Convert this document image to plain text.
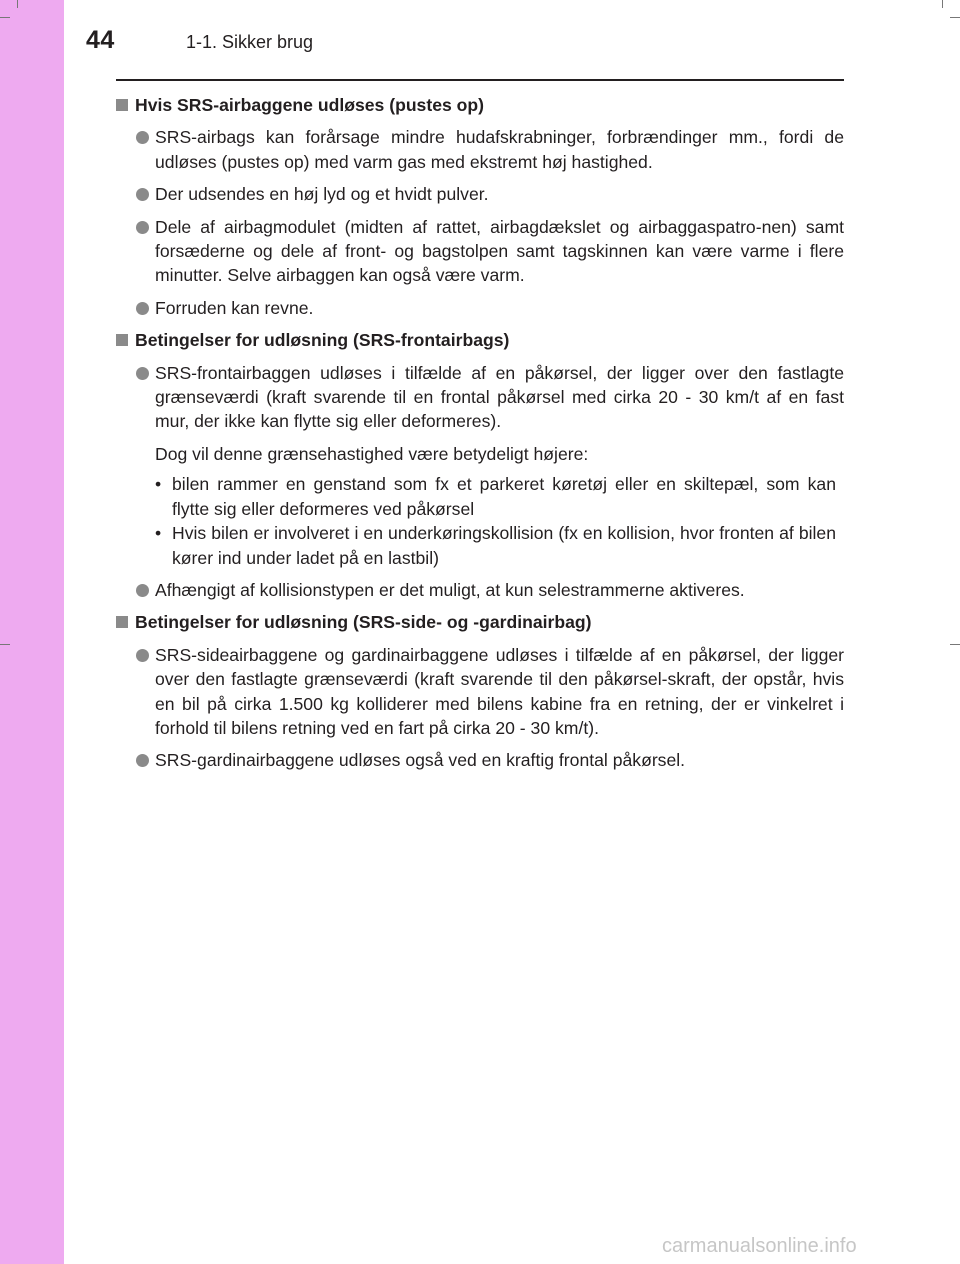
44	1-1. Sikker brug
Hvis SRS-airbaggene udløses (pustes op)
SRS-airbags kan forårsage mindre hudafskrabninger, forbrændinger mm., fordi de udløses (pustes op) med varm gas med ekstremt høj hastighed.
Der udsendes en høj lyd og et hvidt pulver.
Dele af airbagmodulet (midten af rattet, airbagdækslet og airbaggaspatro-nen) samt forsæderne og dele af front- og bagstolpen samt tagskinnen kan være varme i flere minutter. Selve airbaggen kan også være varm.
Forruden kan revne.
Betingelser for udløsning (SRS-frontairbags)
SRS-frontairbaggen udløses i tilfælde af en påkørsel, der ligger over den fastlagte grænseværdi (kraft svarende til en frontal påkørsel med cirka 20 - 30 km/t af en fast mur, der ikke kan flytte sig eller deformeres).
Dog vil denne grænsehastighed være betydeligt højere:
• bilen rammer en genstand som fx et parkeret køretøj eller en skiltepæl, som kan flytte sig eller deformeres ved påkørsel
• Hvis bilen er involveret i en underkøringskollision (fx en kollision, hvor fronten af bilen kører ind under ladet på en lastbil)
Afhængigt af kollisionstypen er det muligt, at kun selestrammerne aktiveres.
Betingelser for udløsning (SRS-side- og -gardinairbag)
SRS-sideairbaggene og gardinairbaggene udløses i tilfælde af en påkørsel, der ligger over den fastlagte grænseværdi (kraft svarende til den påkørsel-skraft, der opstår, hvis en bil på cirka 1.500 kg kolliderer med bilens kabine fra en retning, der er vinkelret i forhold til bilens retning ved en fart på cirka 20 - 30 km/t).
SRS-gardinairbaggene udløses også ved en kraftig frontal påkørsel.
carmanualsonline.info
